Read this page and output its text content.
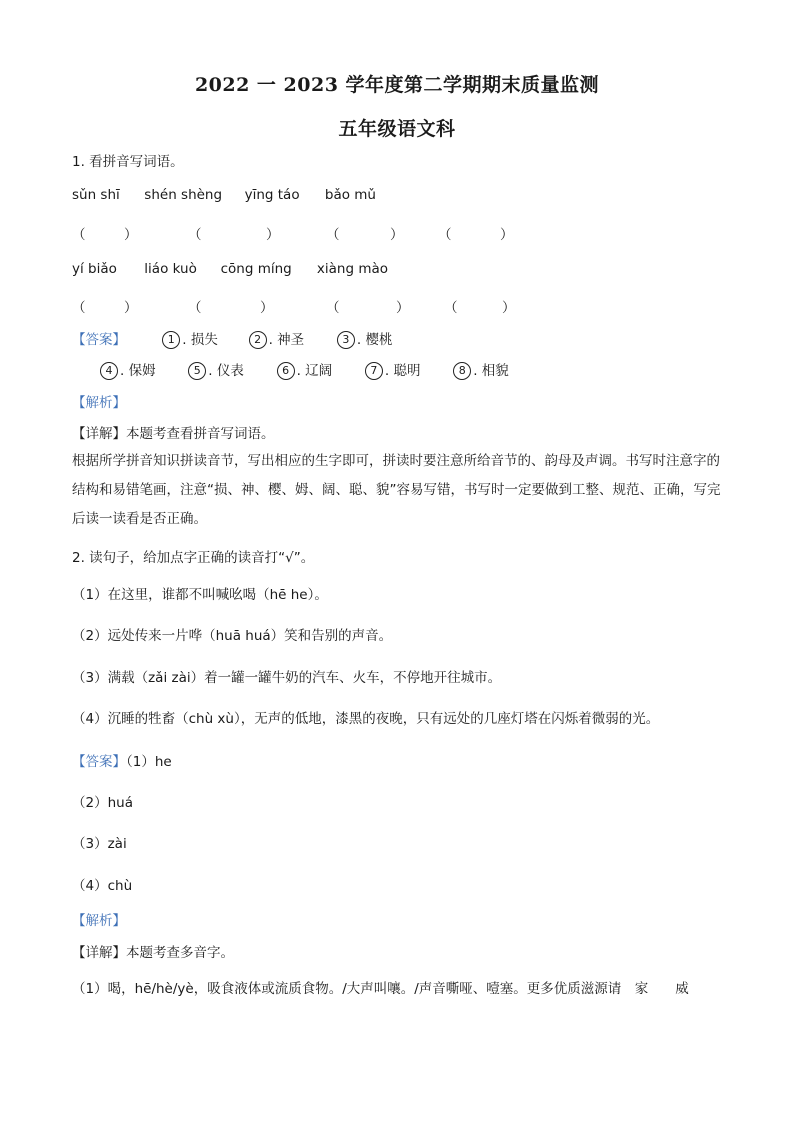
2022 一 2023 学年度第二学期期末质量监测
五年级语文科
1. 看拼音写词语。
sǔn shī shén shèng yīng táo bǎo mǔ
（	）	（	）	（	）	（	）
yí biǎo liáo kuò cōng míng xiàng mào
（	）	（	）	（	）	（	）
【答案】	1 . 损失	2 . 神圣	3 . 樱桃
4 . 保姆	5 . 仪表	6 . 辽阔	7 . 聪明	8 . 相貌
【解析】
【详解】本题考查看拼音写词语。
根据所学拼音知识拼读音节，写出相应的生字即可，拼读时要注意所给音节的、韵母及声调。书写时注意字的结构和易错笔画，注意“损、神、樱、姆、阔、聪、貌”容易写错，书写时一定要做到工整、规范、正确，写完后读一读看是否正确。
2. 读句子，给加点字正确的读音打“√”。
（1）在这里，谁都不叫喊吆喝（hē he）。
（2）远处传来一片哗（huā huá）笑和告别的声音。
（3）满载（zǎi zài）着一罐一罐牛奶的汽车、火车，不停地开往城市。
（4）沉睡的牲畜（chù xù），无声的低地，漆黑的夜晚，只有远处的几座灯塔在闪烁着微弱的光。
【答案】（1）he
（2）huá
（3）zài
（4）chù
【解析】
【详解】本题考查多音字。
（1）喝，hē/hè/yè，吸食液体或流质食物。/大声叫嚷。/声音嘶哑、噎塞。更多优质滋源请　家　　威
